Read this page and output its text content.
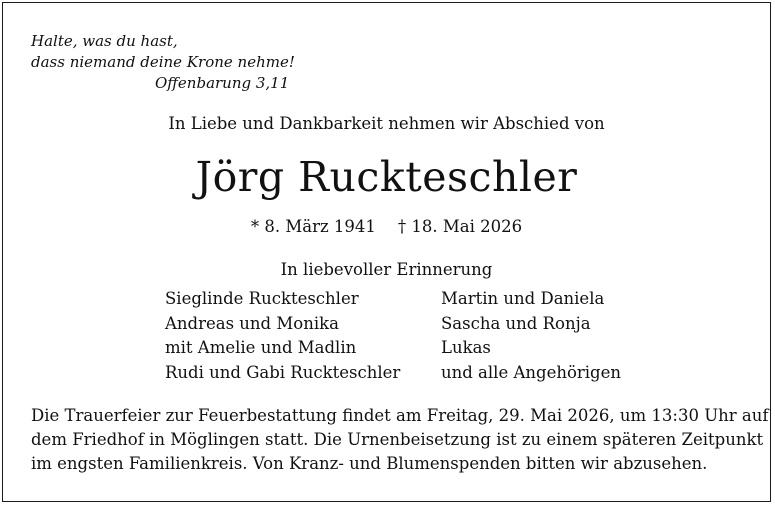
Halte, was du hast,
dass niemand deine Krone nehme!
Offenbarung 3,11
In Liebe und Dankbarkeit nehmen wir Abschied von
Jörg Ruckteschler
* 8. März 1941 † 18. Mai 2026
In liebevoller Erinnerung
Sieglinde Ruckteschler
Andreas und Monika
mit Amelie und Madlin
Rudi und Gabi Ruckteschler
Martin und Daniela
Sascha und Ronja
Lukas
und alle Angehörigen
Die Trauerfeier zur Feuerbestattung findet am Freitag, 29. Mai 2026, um 13:30 Uhr auf
dem Friedhof in Möglingen statt. Die Urnenbeisetzung ist zu einem späteren Zeitpunkt
im engsten Familienkreis. Von Kranz- und Blumenspenden bitten wir abzusehen.
